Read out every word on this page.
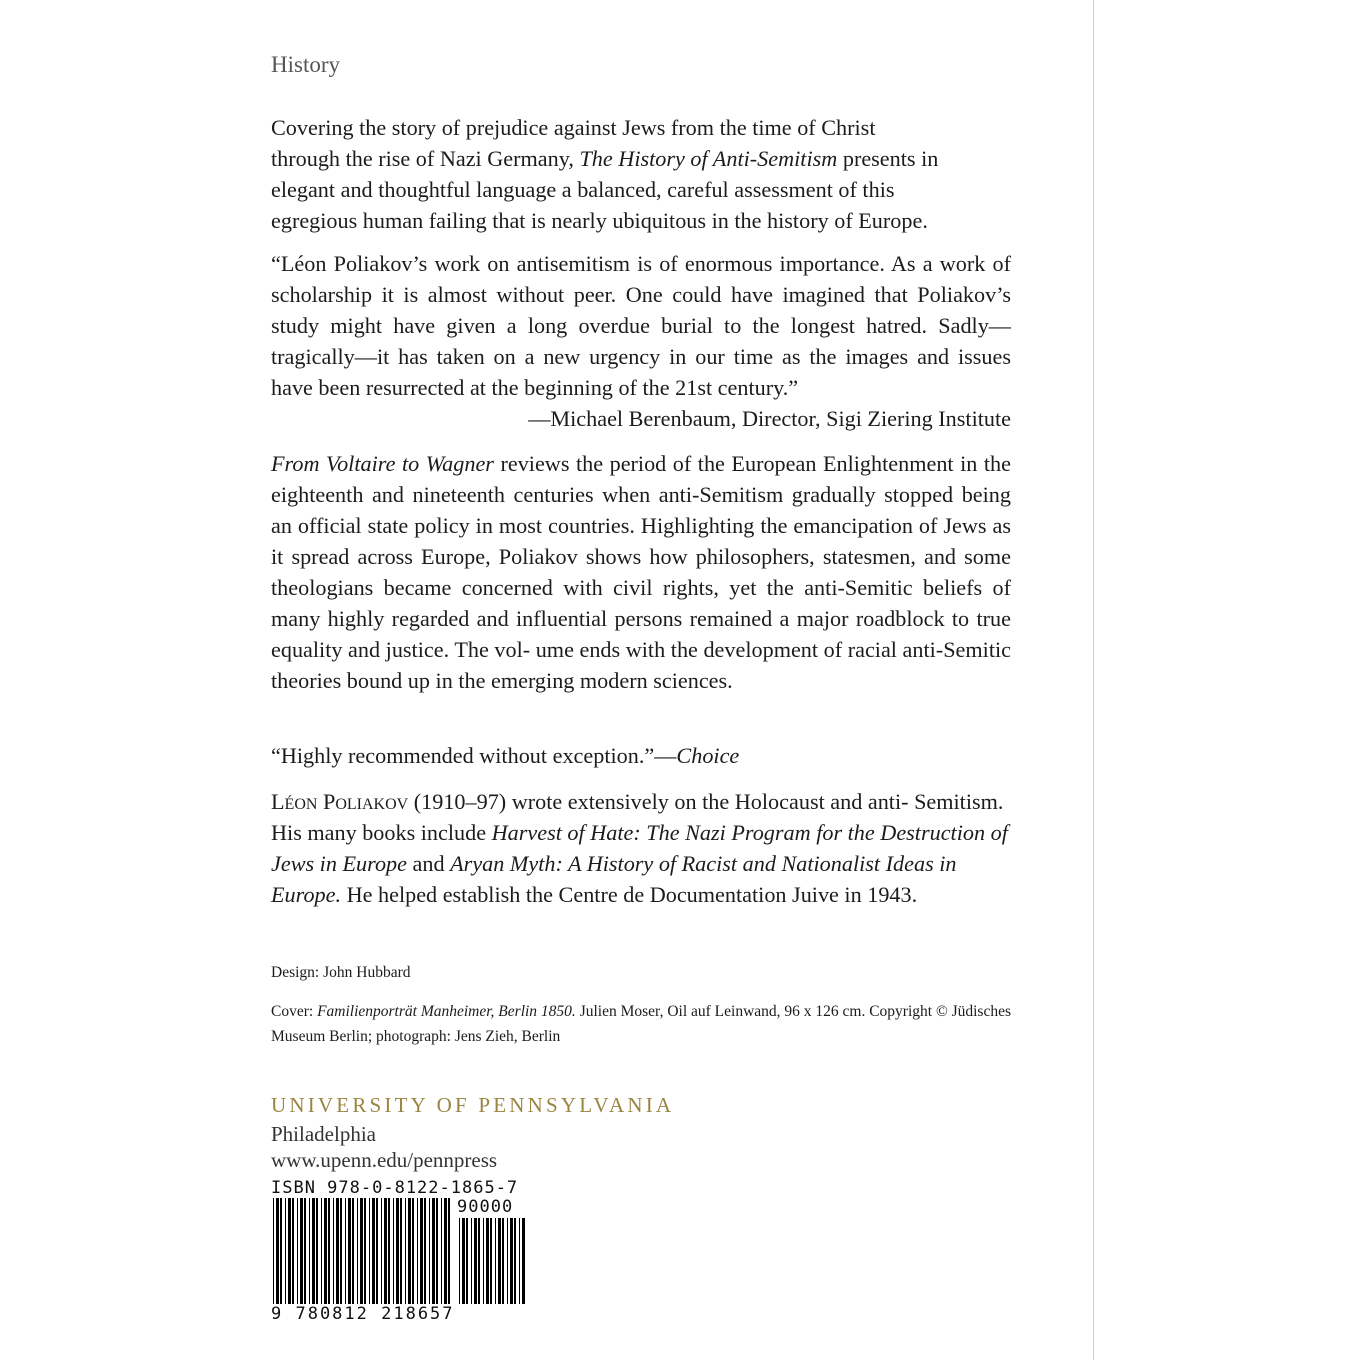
History
Covering the story of prejudice against Jews from the time of Christ
through the rise of Nazi Germany, The History of Anti-Semitism presents in
elegant and thoughtful language a balanced, careful assessment of this
egregious human failing that is nearly ubiquitous in the history of Europe.
“Léon Poliakov’s work on antisemitism is of enormous importance. As a work of scholarship it is almost without peer. One could have imagined that Poliakov’s study might have given a long overdue burial to the longest hatred. Sadly—tragically—it has taken on a new urgency in our time as the images and issues have been resurrected at the beginning of the 21st century.”
—Michael Berenbaum, Director, Sigi Ziering Institute
From Voltaire to Wagner reviews the period of the European Enlightenment in the eighteenth and nineteenth centuries when anti-Semitism gradually stopped being an official state policy in most countries. Highlighting the emancipation of Jews as it spread across Europe, Poliakov shows how philosophers, statesmen, and some theologians became concerned with civil rights, yet the anti-Semitic beliefs of many highly regarded and influential persons remained a major roadblock to true equality and justice. The vol- ume ends with the development of racial anti-Semitic theories bound up in the emerging modern sciences.
“Highly recommended without exception.”—Choice
Léon Poliakov (1910–97) wrote extensively on the Holocaust and anti- Semitism. His many books include Harvest of Hate: The Nazi Program for the Destruction of Jews in Europe and Aryan Myth: A History of Racist and Nationalist Ideas in Europe. He helped establish the Centre de Documentation Juive in 1943.
Design: John Hubbard
Cover: Familienporträt Manheimer, Berlin 1850. Julien Moser, Oil auf Leinwand, 96 x 126 cm. Copyright © Jüdisches Museum Berlin; photograph: Jens Zieh, Berlin
UNIVERSITY OF PENNSYLVANIA
Philadelphia
www.upenn.edu/pennpress
ISBN 978-0-8122-1865-7
90000
9 780812 218657
